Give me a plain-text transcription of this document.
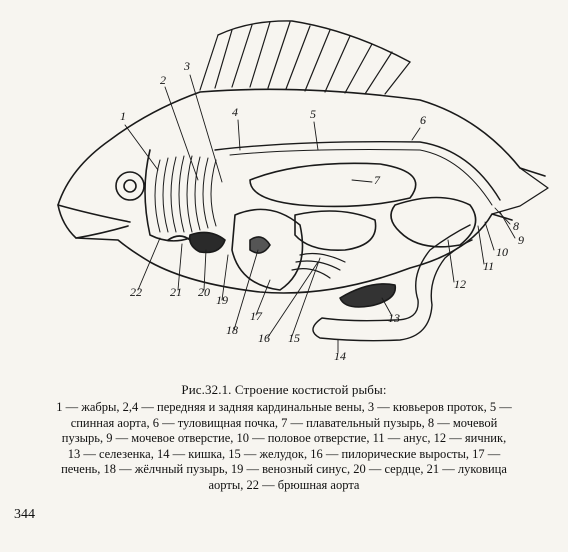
1
2
3
4	5	6
7
8
9
10
11
12
13
14
15
16
17
18
19
20
21
22
Рис.32.1. Строение костистой рыбы:
1 — жабры, 2,4 — передняя и задняя кардинальные вены, 3 — кювьеров проток, 5 —
спинная аорта, 6 — туловищная почка, 7 — плавательный пузырь, 8 — мочевой
пузырь, 9 — мочевое отверстие, 10 — половое отверстие, 11 — анус, 12 — яичник,
13 — селезенка, 14 — кишка, 15 — желудок, 16 — пилорические выросты, 17 —
печень, 18 — жёлчный пузырь, 19 — венозный синус, 20 — сердце, 21 — луковица
аорты, 22 — брюшная аорта
344
